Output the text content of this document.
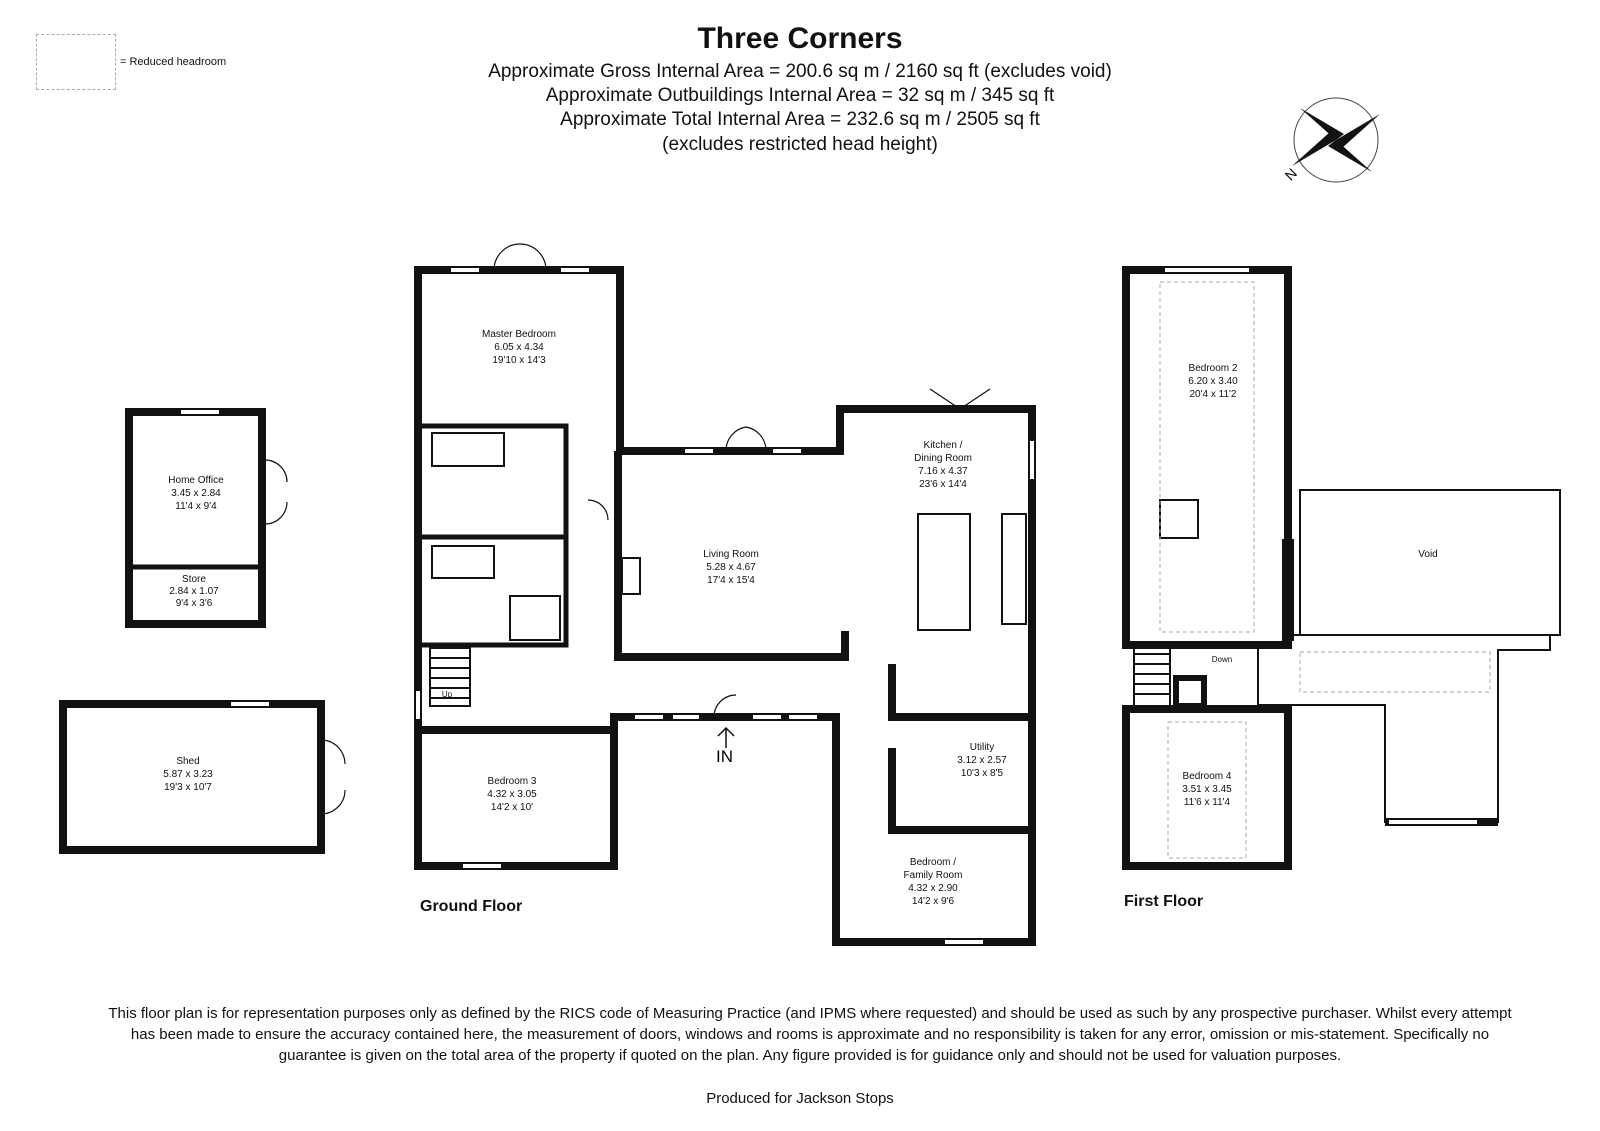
Three Corners
Approximate Gross Internal Area = 200.6 sq m / 2160 sq ft (excludes void)
Approximate Outbuildings Internal Area = 32 sq m / 345 sq ft
Approximate Total Internal Area = 232.6 sq m / 2505 sq ft
(excludes restricted head height)
= Reduced headroom
N
IN
Home Office
3.45 x 2.84
11'4 x 9'4
Store
2.84 x 1.07
9'4 x 3'6
Shed
5.87 x 3.23
19'3 x 10'7
Master Bedroom
6.05 x 4.34
19'10 x 14'3
Living Room
5.28 x 4.67
17'4 x 15'4
Kitchen /
Dining Room
7.16 x 4.37
23'6 x 14'4
Bedroom 3
4.32 x 3.05
14'2 x 10'
Utility
3.12 x 2.57
10'3 x 8'5
Bedroom /
Family Room
4.32 x 2.90
14'2 x 9'6
Bedroom 2
6.20 x 3.40
20'4 x 11'2
Bedroom 4
3.51 x 3.45
11'6 x 11'4
Void
Up
Down
Ground Floor	First Floor
This floor plan is for representation purposes only as defined by the RICS code of Measuring Practice (and IPMS where requested) and should be used as such by any prospective purchaser. Whilst every attempt has been made to ensure the accuracy contained here, the measurement of doors, windows and rooms is approximate and no responsibility is taken for any error, omission or mis-statement. Specifically no guarantee is given on the total area of the property if quoted on the plan. Any figure provided is for guidance only and should not be used for valuation purposes.
Produced for Jackson Stops
